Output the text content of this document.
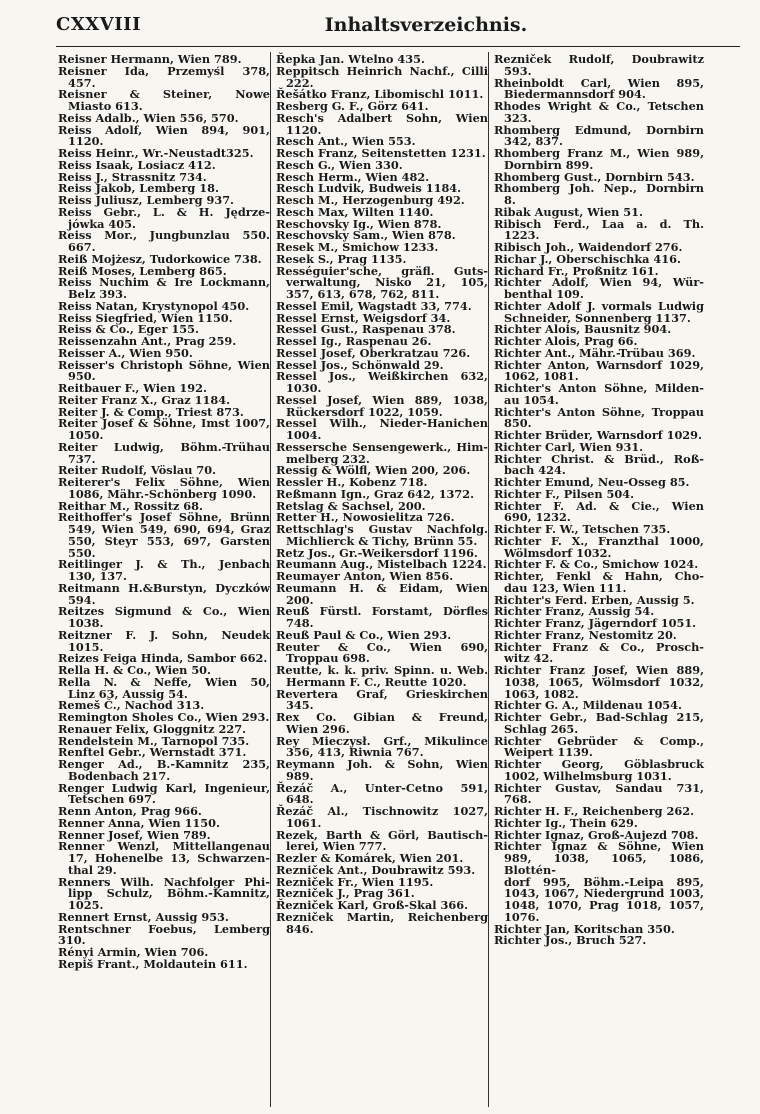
CXXVIII	Inhaltsverzeichnis.

Reisner Hermann, Wien 789.

Reisner Ida, Przemyśl 378,
457.

Reisner & Steiner, Nowe
Miasto 613.

Reiss Adalb., Wien 556, 570.

Reiss Adolf, Wien 894, 901,
1120.

Reiss Heinr., Wr.-Neustadt325.

Reiss Isaak, Losiacz 412.

Reiss J., Strassnitz 734.

Reiss Jakob, Lemberg 18.

Reiss Juliusz, Lemberg 937.

Reiss Gebr., L. & H. Jędrze-
jówka 405.

Reiss Mor., Jungbunzlau 550.
667.

Reiß Mojżesz, Tudorkowice 738.

Reiß Moses, Lemberg 865.

Reiss Nuchim & Ire Lockmann,
Belz 393.

Reiss Natan, Krystynopol 450.

Reiss Siegfried, Wien 1150.

Reiss & Co., Eger 155.

Reissenzahn Ant., Prag 259.

Reisser A., Wien 950.

Reisser's Christoph Söhne, Wien
950.

Reitbauer F., Wien 192.

Reiter Franz X., Graz 1184.

Reiter J. & Comp., Triest 873.

Reiter Josef & Söhne, Imst 1007,
1050.

Reiter Ludwig, Böhm.-Trühau
737.

Reiter Rudolf, Vöslau 70.

Reiterer's Felix Söhne, Wien
1086, Mähr.-Schönberg 1090.

Reithar M., Rossitz 68.

Reithoffer's Josef Söhne, Brünn
549, Wien 549, 690, 694, Graz
550, Steyr 553, 697, Garsten 550.

Reitlinger J. & Th., Jenbach
130, 137.

Reitmann H.&Burstyn, Dyczków
594.

Reitzes Sigmund & Co., Wien
1038.

Reitzner F. J. Sohn, Neudek
1015.

Reizes Feiga Hinda, Sambor 662.

Rella H. & Co., Wien 50.

Rella N. & Neffe, Wien 50,
Linz 63, Aussig 54.

Remeš Č., Nachod 313.

Remington Sholes Co., Wien 293.

Renauer Felix, Gloggnitz 227.

Rendelstein M., Tarnopol 735.

Renftel Gebr., Wernstadt 371.

Renger Ad., B.-Kamnitz 235,
Bodenbach 217.

Renger Ludwig Karl, Ingenieur,
Tetschen 697.

Renn Anton, Prag 966.

Renner Anna, Wien 1150.

Renner Josef, Wien 789.

Renner Wenzl, Mittellangenau
17, Hohenelbe 13, Schwarzen-
thal 29.

Renners Wilh. Nachfolger Phi-
lipp Schulz, Böhm.-Kamnitz,
1025.

Rennert Ernst, Aussig 953.

Rentschner Foebus, Lemberg 310.

Rényi Armin, Wien 706.

Repiš Frant., Moldautein 611.

Řepka Jan. Wtelno 435.

Reppitsch Heinrich Nachf., Cilli
222.

Řešátko Franz, Libomischl 1011.

Resberg G. F., Görz 641.

Resch's Adalbert Sohn, Wien
1120.

Resch Ant., Wien 553.

Resch Franz, Seitenstetten 1231.

Resch G., Wien 330.

Resch Herm., Wien 482.

Resch Ludvik, Budweis 1184.

Resch M., Herzogenburg 492.

Resch Max, Wilten 1140.

Reschovsky Ig., Wien 878.

Reschovsky Sam., Wien 878.

Resek M., Smichow 1233.

Resek S., Prag 1135.

Rességuier'sche, gräfl. Guts-
verwaltung, Nisko 21, 105,
357, 613, 678, 762, 811.

Ressel Emil, Wagstadt 33, 774.

Ressel Ernst, Weigsdorf 34.

Ressel Gust., Raspenau 378.

Ressel Ig., Raspenau 26.

Ressel Josef, Oberkratzau 726.

Ressel Jos., Schönwald 29.

Ressel Jos., Weißkirchen 632,
1030.

Ressel Josef, Wien 889, 1038,
Rückersdorf 1022, 1059.

Ressel Wilh., Nieder-Hanichen
1004.

Ressersche Sensengewerk., Him-
melberg 232.

Ressig & Wölfl, Wien 200, 206.

Ressler H., Kobenz 718.

Reßmann Ign., Graz 642, 1372.

Retslag & Sachsel, 200.

Retter H., Nowosielitza 726.

Rettschlag's Gustav Nachfolg.
Michlierck & Tichy, Brünn 55.

Retz Jos., Gr.-Weikersdorf 1196.

Reumann Aug., Mistelbach 1224.

Reumayer Anton, Wien 856.

Reumann H. & Eidam, Wien
200.

Reuß Fürstl. Forstamt, Dörfles
748.

Reuß Paul & Co., Wien 293.

Reuter & Co., Wien 690,
Troppau 698.

Reutte, k. k. priv. Spinn. u. Web.
Hermann F. C., Reutte 1020.

Revertera Graf, Grieskirchen
345.

Rex Co. Gibian & Freund,
Wien 296.

Rey Mieczysł. Grf., Mikulince
356, 413, Riwnia 767.

Reymann Joh. & Sohn, Wien
989.

Řezáč A., Unter-Cetno 591,
648.

Řezáč Al., Tischnowitz 1027,
1061.

Rezek, Barth & Görl, Bautisch-
lerei, Wien 777.

Rezler & Komárek, Wien 201.

Rezniček Ant., Doubrawitz 593.

Rezniček Fr., Wien 1195.

Rezniček J., Prag 361.

Řezniček Karl, Groß-Skal 366.

Rezniček Martin, Reichenberg
846.

Rezniček Rudolf, Doubrawitz
593.

Rheinboldt Carl, Wien 895,
Biedermannsdorf 904.

Rhodes Wright & Co., Tetschen
323.

Rhomberg Edmund, Dornbirn
342, 837.

Rhomberg Franz M., Wien 989,
Dornbirn 899.

Rhomberg Gust., Dornbirn 543.

Rhomberg Joh. Nep., Dornbirn
8.

Ribak August, Wien 51.

Ribisch Ferd., Laa a. d. Th.
1223.

Ribisch Joh., Waidendorf 276.

Richar J., Oberschischka 416.

Richard Fr., Proßnitz 161.

Richter Adolf, Wien 94, Wür-
benthal 109.

Richter Adolf J. vormals Ludwig
Schneider, Sonnenberg 1137.

Richter Alois, Bausnitz 904.

Richter Alois, Prag 66.

Richter Ant., Mähr.-Trübau 369.

Richter Anton, Warnsdorf 1029,
1062, 1081.

Richter's Anton Söhne, Milden-
au 1054.

Richter's Anton Söhne, Troppau
850.

Richter Brüder, Warnsdorf 1029.

Richter Carl, Wien 931.

Richter Christ. & Brüd., Roß-
bach 424.

Richter Emund, Neu-Osseg 85.

Richter F., Pilsen 504.

Richter F. Ad. & Cie., Wien
690, 1232.

Richter F. W., Tetschen 735.

Richter F. X., Franzthal 1000,
Wölmsdorf 1032.

Richter F. & Co., Smichow 1024.

Richter, Fenkl & Hahn, Cho-
dau 123, Wien 111.

Richter's Ferd. Erben, Aussig 5.

Richter Franz, Aussig 54.

Richter Franz, Jägerndorf 1051.

Richter Franz, Nestomitz 20.

Richter Franz & Co., Prosch-
witz 42.

Richter Franz Josef, Wien 889,
1038, 1065, Wölmsdorf 1032,
1063, 1082.

Richter G. A., Mildenau 1054.

Richter Gebr., Bad-Schlag 215,
Schlag 265.

Richter Gebrüder & Comp.,
Weipert 1139.

Richter Georg, Göblasbruck
1002, Wilhelmsburg 1031.

Richter Gustav, Sandau 731,
768.

Richter H. F., Reichenberg 262.

Richter Ig., Thein 629.

Richter Ignaz, Groß-Aujezd 708.

Richter Ignaz & Söhne, Wien
989, 1038, 1065, 1086, Blottén-
dorf 995, Böhm.-Leipa 895,
1043, 1067, Niedergrund 1003,
1048, 1070, Prag 1018, 1057,
1076.

Richter Jan, Koritschan 350.

Richter Jos., Bruch 527.
